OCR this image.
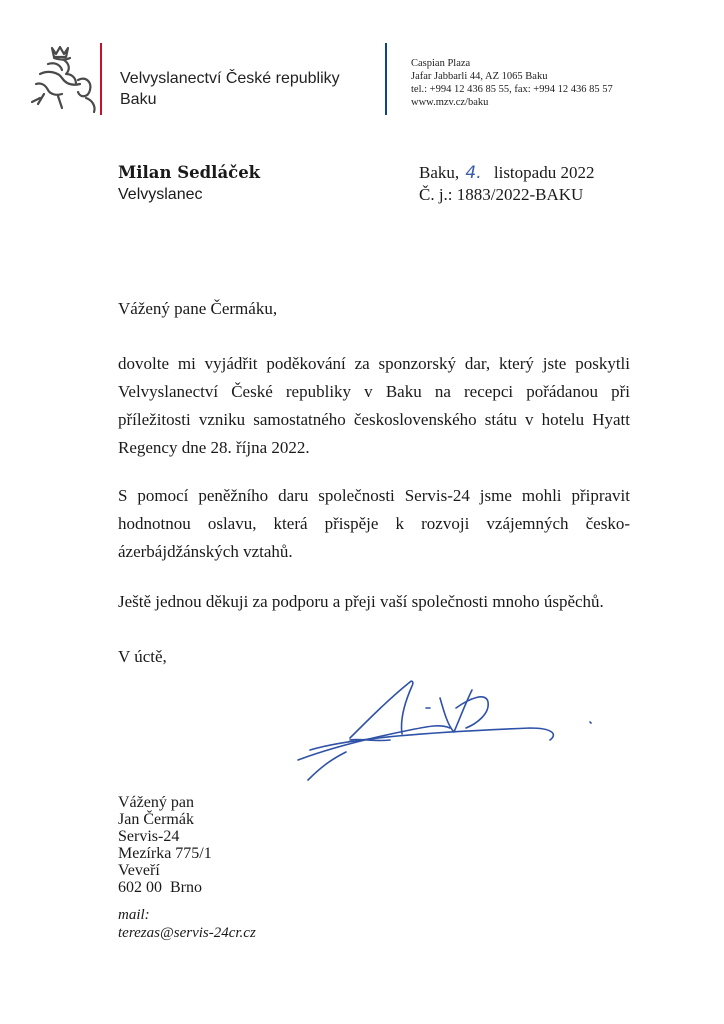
Velvyslanectví České republiky
Baku
Caspian Plaza
Jafar Jabbarli 44, AZ 1065 Baku
tel.: +994 12 436 85 55, fax: +994 12 436 85 57
www.mzv.cz/baku
Milan Sedláček
Velvyslanec
Baku, 4. listopadu 2022
Č. j.: 1883/2022-BAKU
Vážený pane Čermáku,

dovolte mi vyjádřit poděkování za sponzorský dar, který jste poskytli Velvyslanectví České republiky v Baku na recepci pořádanou při příležitosti vzniku samostatného československého státu v hotelu Hyatt Regency dne 28. října 2022.

S pomocí peněžního daru společnosti Servis-24 jsme mohli připravit hodnotnou oslavu, která přispěje k rozvoji vzájemných česko-ázerbájdžánských vztahů.

Ještě jednou děkuji za podporu a přeji vaší společnosti mnoho úspěchů.
V úctě,
Vážený pan
Jan Čermák
Servis-24
Mezírka 775/1
Veveří
602 00  Brno
mail:
terezas@servis-24cr.cz
